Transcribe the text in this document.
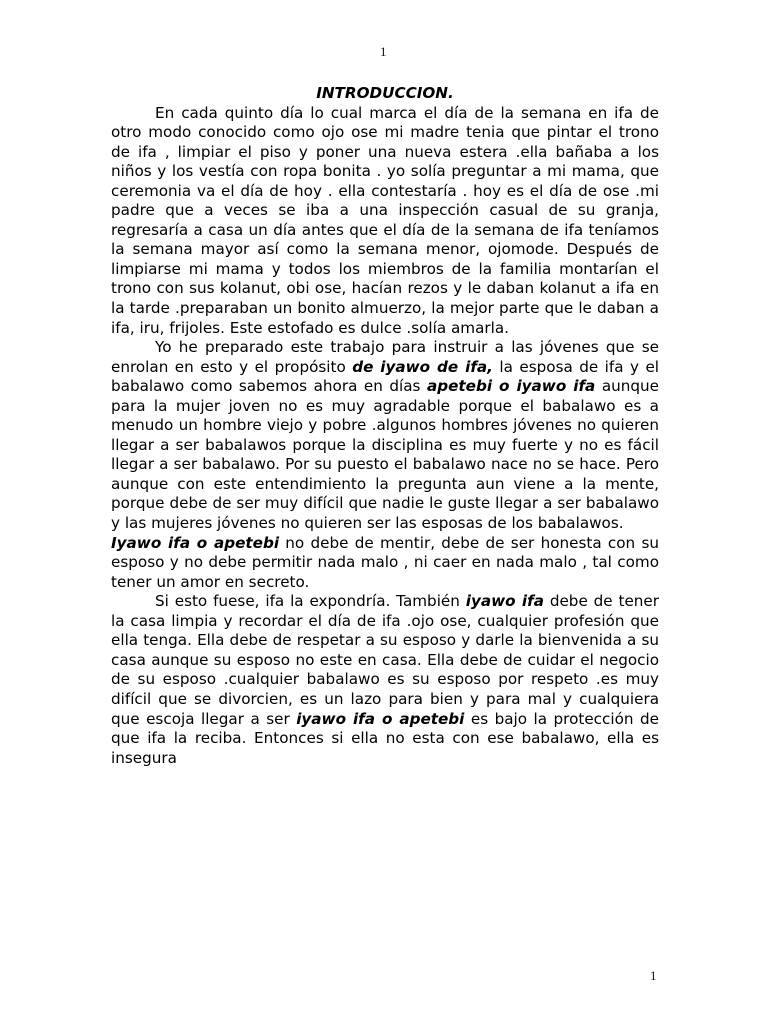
1

INTRODUCCION.

En cada quinto día lo cual marca el día de la semana en ifa de otro modo conocido como ojo ose mi madre tenia que pintar el trono de ifa , limpiar el piso y poner una nueva estera .ella bañaba a los niños y los vestía con ropa bonita . yo solía preguntar a mi mama, que ceremonia va el día de hoy . ella contestaría . hoy es el día de ose .mi padre que a veces se iba a una inspección casual de su granja, regresaría a casa un día antes que el día de la semana de ifa teníamos la semana mayor así como la semana menor, ojomode. Después de limpiarse mi mama y todos los miembros de la familia montarían el trono con sus kolanut, obi ose, hacían rezos y le daban kolanut a ifa en la tarde .preparaban un bonito almuerzo, la mejor parte que le daban a ifa, iru, frijoles. Este estofado es dulce .solía amarla.

Yo he preparado este trabajo para instruir a las jóvenes que se enrolan en esto y el propósito de iyawo de ifa, la esposa de ifa y el babalawo como sabemos ahora en días apetebi o iyawo ifa aunque para la mujer joven no es muy agradable porque el babalawo es a menudo un hombre viejo y pobre .algunos hombres jóvenes no quieren llegar a ser babalawos porque la disciplina es muy fuerte y no es fácil llegar a ser babalawo. Por su puesto el babalawo nace no se hace. Pero aunque con este entendimiento la pregunta aun viene a la mente, porque debe de ser muy difícil que nadie le guste llegar a ser babalawo y las mujeres jóvenes no quieren ser las esposas de los babalawos.

Iyawo ifa o apetebi no debe de mentir, debe de ser honesta con su esposo y no debe permitir nada malo , ni caer en nada malo , tal como tener un amor en secreto.

Si esto fuese, ifa la expondría. También iyawo ifa debe de tener la casa limpia y recordar el día de ifa .ojo ose, cualquier profesión que ella tenga. Ella debe de respetar a su esposo y darle la bienvenida a su casa aunque su esposo no este en casa. Ella debe de cuidar el negocio de su esposo .cualquier babalawo es su esposo por respeto .es muy difícil que se divorcien, es un lazo para bien y para mal y cualquiera que escoja llegar a ser iyawo ifa o apetebi es bajo la protección de que ifa la reciba. Entonces si ella no esta con ese babalawo, ella es insegura

1
